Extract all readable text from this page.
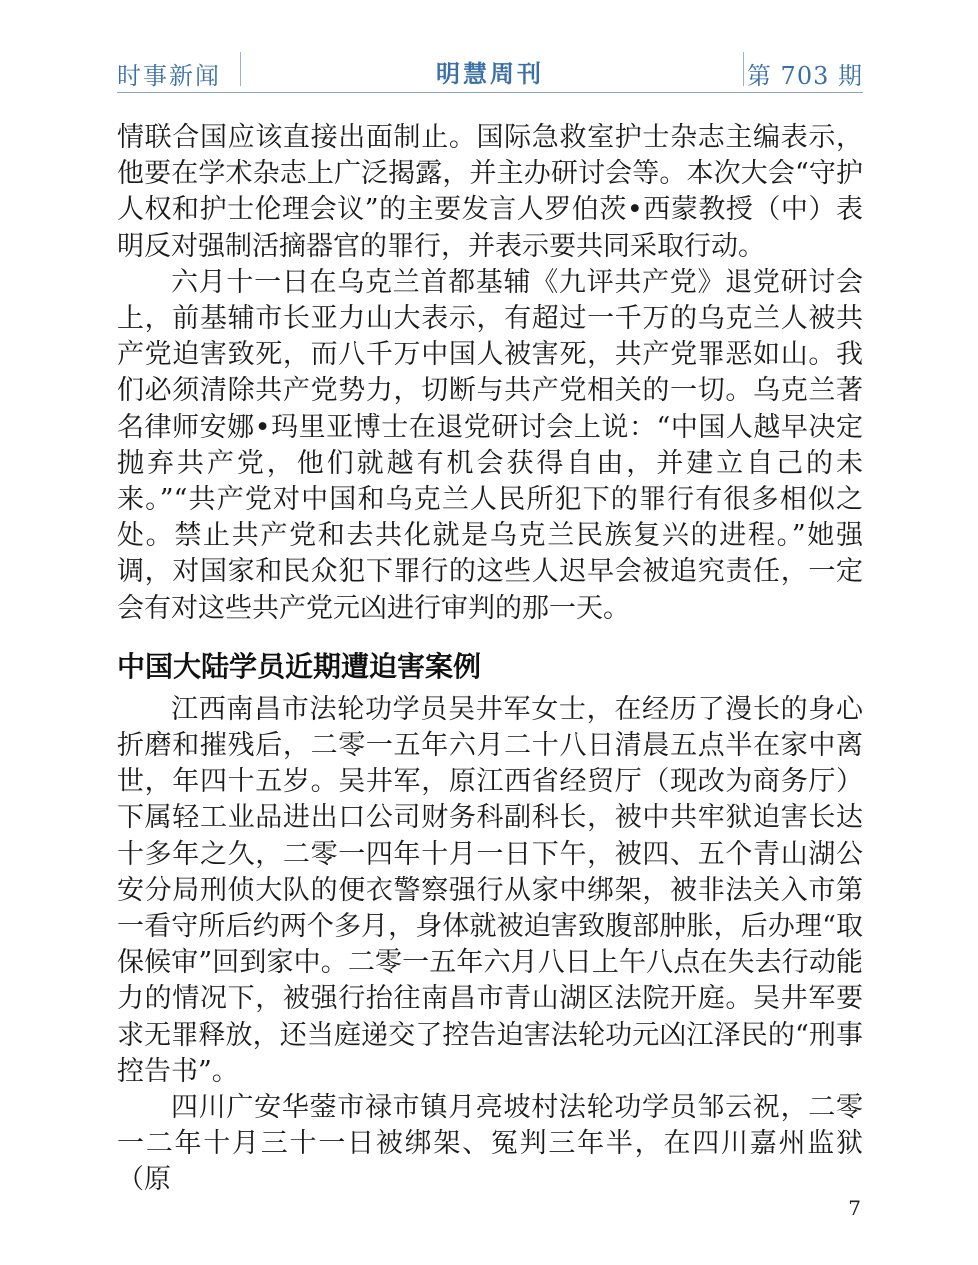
时事新闻	明慧周刊	第 703 期

情联合国应该直接出面制止。国际急救室护士杂志主编表示，他要在学术杂志上广泛揭露，并主办研讨会等。本次大会“守护人权和护士伦理会议”的主要发言人罗伯茨•西蒙教授（中）表明反对强制活摘器官的罪行，并表示要共同采取行动。

六月十一日在乌克兰首都基辅《九评共产党》退党研讨会上，前基辅市长亚力山大表示，有超过一千万的乌克兰人被共产党迫害致死，而八千万中国人被害死，共产党罪恶如山。我们必须清除共产党势力，切断与共产党相关的一切。乌克兰著名律师安娜•玛里亚博士在退党研讨会上说：“中国人越早决定抛弃共产党，他们就越有机会获得自由，并建立自己的未来。”“共产党对中国和乌克兰人民所犯下的罪行有很多相似之处。禁止共产党和去共化就是乌克兰民族复兴的进程。”她强调，对国家和民众犯下罪行的这些人迟早会被追究责任，一定会有对这些共产党元凶进行审判的那一天。

中国大陆学员近期遭迫害案例

江西南昌市法轮功学员吴井军女士，在经历了漫长的身心折磨和摧残后，二零一五年六月二十八日清晨五点半在家中离世，年四十五岁。吴井军，原江西省经贸厅（现改为商务厅）下属轻工业品进出口公司财务科副科长，被中共牢狱迫害长达十多年之久，二零一四年十月一日下午，被四、五个青山湖公安分局刑侦大队的便衣警察强行从家中绑架，被非法关入市第一看守所后约两个多月，身体就被迫害致腹部肿胀，后办理“取保候审”回到家中。二零一五年六月八日上午八点在失去行动能力的情况下，被强行抬往南昌市青山湖区法院开庭。吴井军要求无罪释放，还当庭递交了控告迫害法轮功元凶江泽民的“刑事控告书”。

四川广安华蓥市禄市镇月亮坡村法轮功学员邹云祝，二零一二年十月三十一日被绑架、冤判三年半，在四川嘉州监狱（原

7
